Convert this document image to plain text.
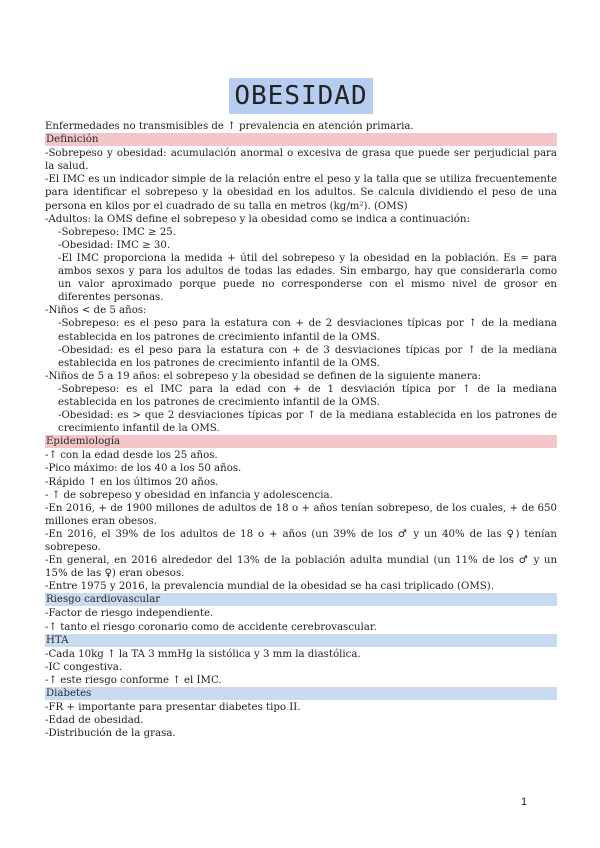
OBESIDAD

Enfermedades no transmisibles de ↑ prevalencia en atención primaria.

Definición

-Sobrepeso y obesidad: acumulación anormal o excesiva de grasa que puede ser perjudicial para la salud.

-El IMC es un indicador simple de la relación entre el peso y la talla que se utiliza frecuentemente para identificar el sobrepeso y la obesidad en los adultos. Se calcula dividiendo el peso de una persona en kilos por el cuadrado de su talla en metros (kg/m²). (OMS)

-Adultos: la OMS define el sobrepeso y la obesidad como se indica a continuación:

-Sobrepeso: IMC ≥ 25.

-Obesidad: IMC ≥ 30.

-El IMC proporciona la medida + útil del sobrepeso y la obesidad en la población. Es = para ambos sexos y para los adultos de todas las edades. Sin embargo, hay que considerarla como un valor aproximado porque puede no corresponderse con el mismo nivel de grosor en diferentes personas.

-Niños < de 5 años:

-Sobrepeso: es el peso para la estatura con + de 2 desviaciones típicas por ↑ de la mediana establecida en los patrones de crecimiento infantil de la OMS.

-Obesidad: es el peso para la estatura con + de 3 desviaciones típicas por ↑ de la mediana establecida en los patrones de crecimiento infantil de la OMS.

-Niños de 5 a 19 años: el sobrepeso y la obesidad se definen de la siguiente manera:

-Sobrepeso: es el IMC para la edad con + de 1 desviación típica por ↑ de la mediana establecida en los patrones de crecimiento infantil de la OMS.

-Obesidad: es > que 2 desviaciones típicas por ↑ de la mediana establecida en los patrones de crecimiento infantil de la OMS.

Epidemiología

-↑ con la edad desde los 25 años.

-Pico máximo: de los 40 a los 50 años.

-Rápido ↑ en los últimos 20 años.

- ↑ de sobrepeso y obesidad en infancia y adolescencia.

-En 2016, + de 1900 millones de adultos de 18 o + años tenían sobrepeso, de los cuales, + de 650 millones eran obesos.

-En 2016, el 39% de los adultos de 18 o + años (un 39% de los ♂ y un 40% de las ♀) tenían sobrepeso.

-En general, en 2016 alrededor del 13% de la población adulta mundial (un 11% de los ♂ y un 15% de las ♀) eran obesos.

-Entre 1975 y 2016, la prevalencia mundial de la obesidad se ha casi triplicado (OMS).

Riesgo cardiovascular

-Factor de riesgo independiente.

-↑ tanto el riesgo coronario como de accidente cerebrovascular.

HTA

-Cada 10kg ↑ la TA 3 mmHg la sistólica y 3 mm la diastólica.

-IC congestiva.

-↑ este riesgo conforme ↑ el IMC.

Diabetes

-FR + importante para presentar diabetes tipo II.

-Edad de obesidad.

-Distribución de la grasa.

1
